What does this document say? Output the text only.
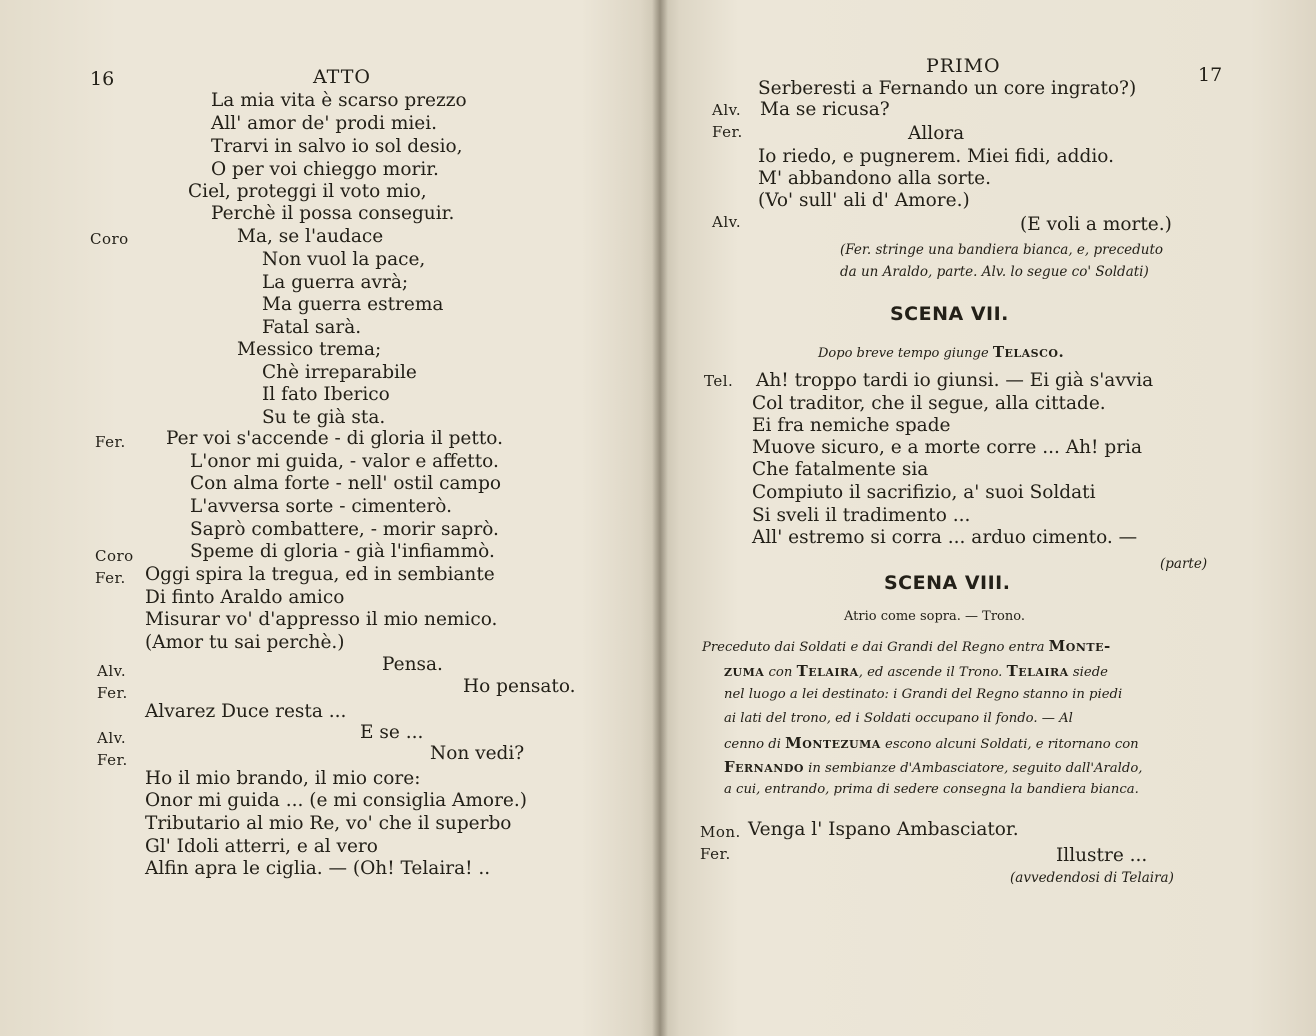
16	ATTO
La mia vita è scarso prezzo
All' amor de' prodi miei.
Trarvi in salvo io sol desio,
O per voi chieggo morir.
Ciel, proteggi il voto mio,
Perchè il possa conseguir.
Coro	Ma, se l'audace
Non vuol la pace,
La guerra avrà;
Ma guerra estrema
Fatal sarà.
Messico trema;
Chè irreparabile
Il fato Iberico
Su te già sta.
Fer. Per voi s'accende - di gloria il petto.
L'onor mi guida, - valor e affetto.
Con alma forte - nell' ostil campo
L'avversa sorte - cimenterò.
Saprò combattere, - morir saprò.
Coro	Speme di gloria - già l'infiammò.
Fer. Oggi spira la tregua, ed in sembiante
Di finto Araldo amico
Misurar vo' d'appresso il mio nemico.
(Amor tu sai perchè.)
Alv.	Pensa.
Fer.	Ho pensato.
Alvarez Duce resta ...
Alv.	E se ...
Fer.	Non vedi?
Ho il mio brando, il mio core:
Onor mi guida ... (e mi consiglia Amore.)
Tributario al mio Re, vo' che il superbo
Gl' Idoli atterri, e al vero
Alfin apra le ciglia. — (Oh! Telaira! ..
PRIMO	17
Serberesti a Fernando un core ingrato?)
Alv. Ma se ricusa?
Fer.	Allora
Io riedo, e pugnerem. Miei fidi, addio.
M' abbandono alla sorte.
(Vo' sull' ali d' Amore.)
Alv.	(E voli a morte.)
(Fer. stringe una bandiera bianca, e, preceduto
da un Araldo, parte. Alv. lo segue co' Soldati)
SCENA VII.
Dopo breve tempo giunge Telasco.
Tel. Ah! troppo tardi io giunsi. — Ei già s'avvia
Col traditor, che il segue, alla cittade.
Ei fra nemiche spade
Muove sicuro, e a morte corre ... Ah! pria
Che fatalmente sia
Compiuto il sacrifizio, a' suoi Soldati
Si sveli il tradimento ...
All' estremo si corra ... arduo cimento. —
(parte)
SCENA VIII.
Atrio come sopra. — Trono.
Preceduto dai Soldati e dai Grandi del Regno entra Monte-
zuma con Telaira, ed ascende il Trono. Telaira siede
nel luogo a lei destinato: i Grandi del Regno stanno in piedi
ai lati del trono, ed i Soldati occupano il fondo. — Al
cenno di Montezuma escono alcuni Soldati, e ritornano con
Fernando in sembianze d'Ambasciatore, seguito dall'Araldo,
a cui, entrando, prima di sedere consegna la bandiera bianca.
Mon. Venga l' Ispano Ambasciator.
Fer.	Illustre ...
(avvedendosi di Telaira)
